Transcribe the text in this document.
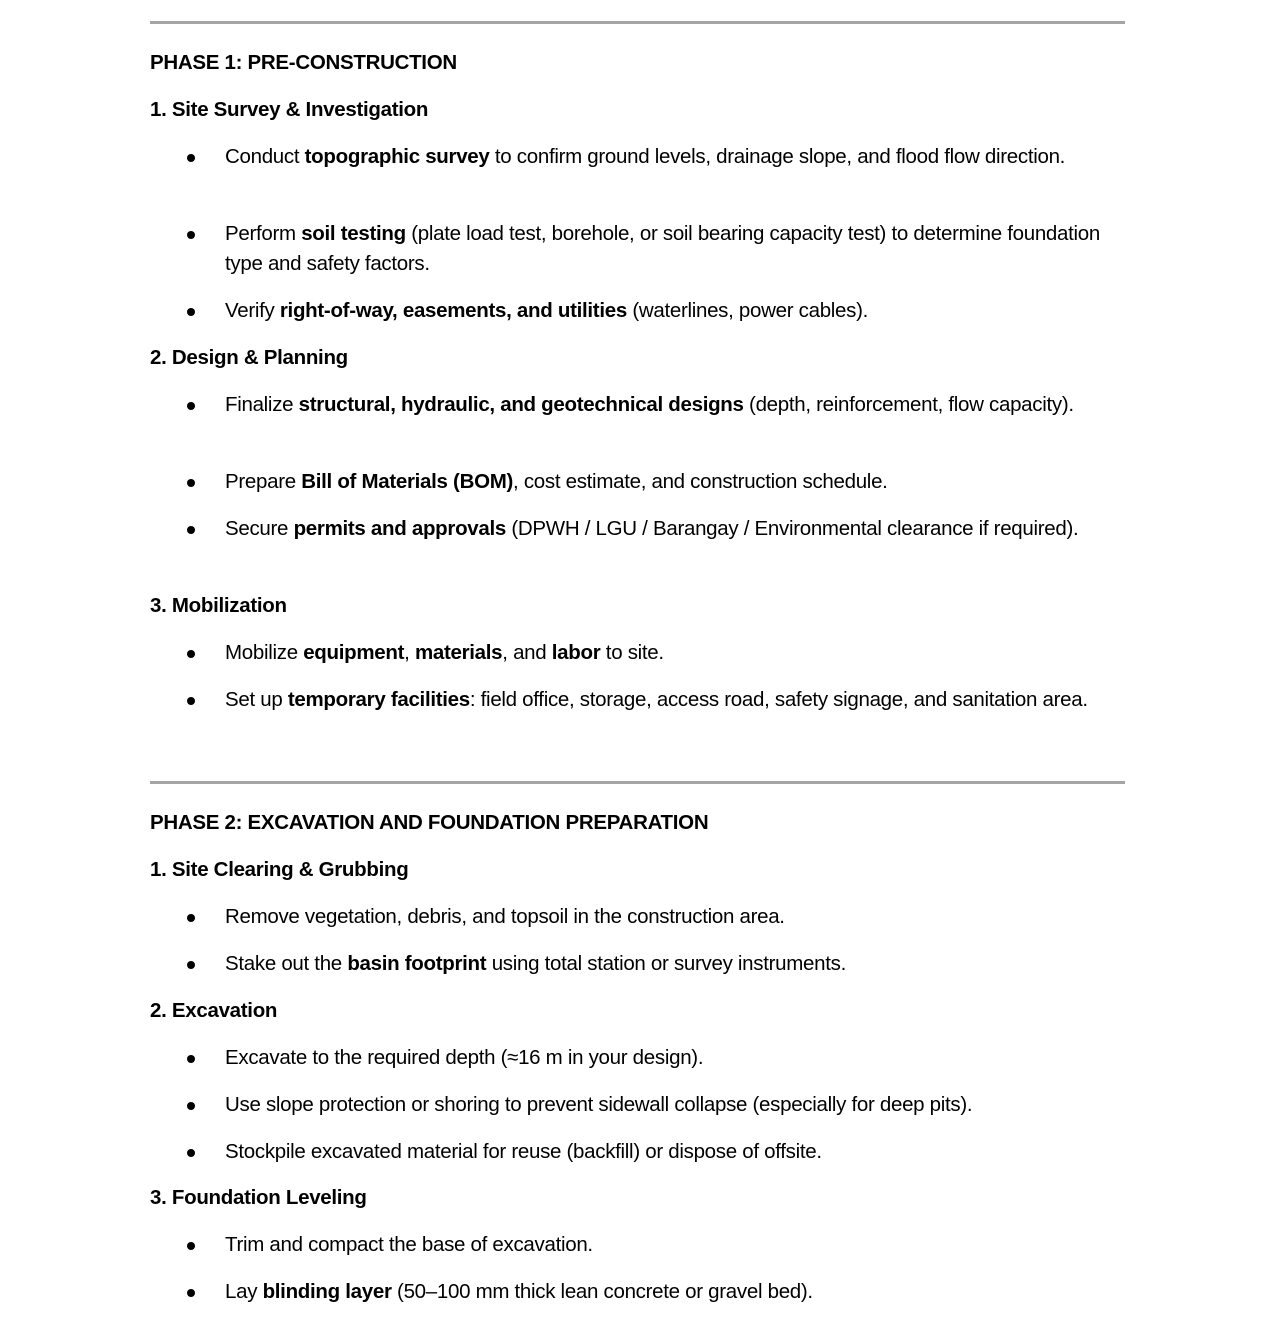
PHASE 1: PRE-CONSTRUCTION
1. Site Survey & Investigation
Conduct topographic survey to confirm ground levels, drainage slope, and flood flow direction.
Perform soil testing (plate load test, borehole, or soil bearing capacity test) to determine foundation type and safety factors.
Verify right-of-way, easements, and utilities (waterlines, power cables).
2. Design & Planning
Finalize structural, hydraulic, and geotechnical designs (depth, reinforcement, flow capacity).
Prepare Bill of Materials (BOM), cost estimate, and construction schedule.
Secure permits and approvals (DPWH / LGU / Barangay / Environmental clearance if required).
3. Mobilization
Mobilize equipment, materials, and labor to site.
Set up temporary facilities: field office, storage, access road, safety signage, and sanitation area.
PHASE 2: EXCAVATION AND FOUNDATION PREPARATION
1. Site Clearing & Grubbing
Remove vegetation, debris, and topsoil in the construction area.
Stake out the basin footprint using total station or survey instruments.
2. Excavation
Excavate to the required depth (≈16 m in your design).
Use slope protection or shoring to prevent sidewall collapse (especially for deep pits).
Stockpile excavated material for reuse (backfill) or dispose of offsite.
3. Foundation Leveling
Trim and compact the base of excavation.
Lay blinding layer (50–100 mm thick lean concrete or gravel bed).
